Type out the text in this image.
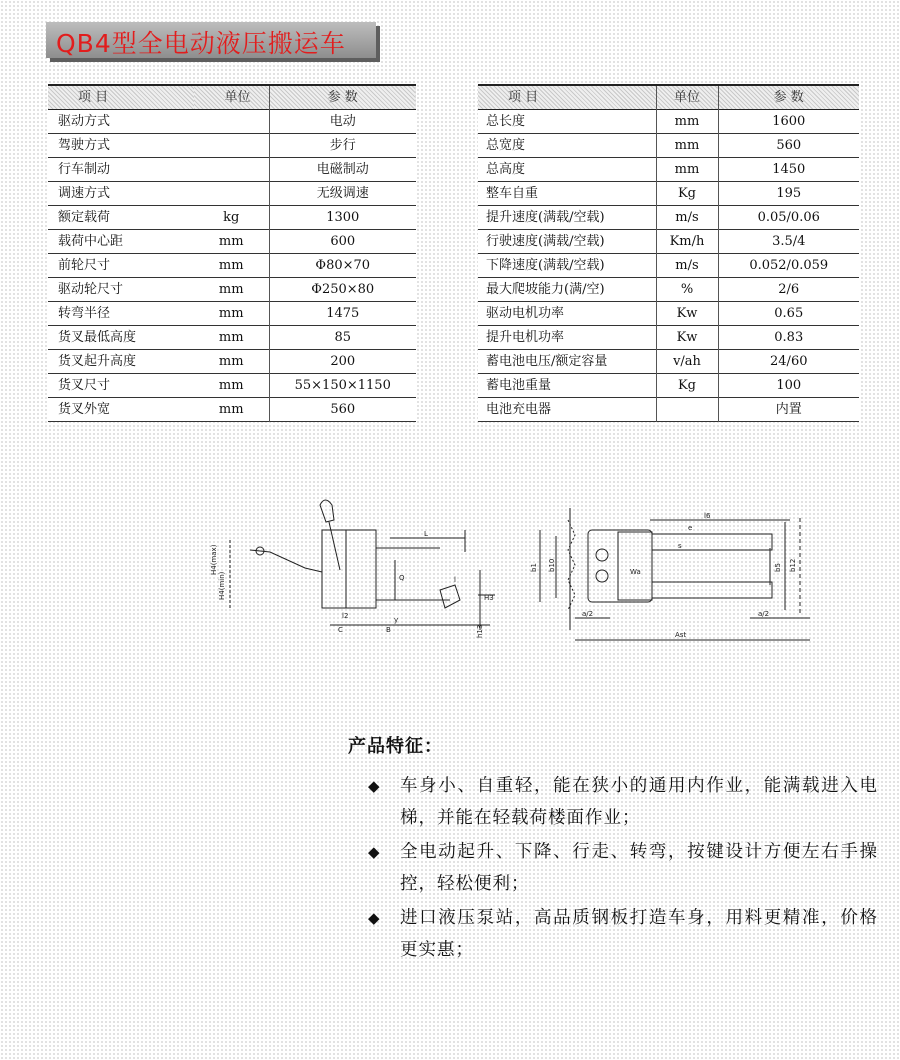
QB4型全电动液压搬运车
项 目	单位	参 数
驱动方式		电动
驾驶方式		步行
行车制动		电磁制动
调速方式		无级调速
额定载荷	kg	1300
载荷中心距	mm	600
前轮尺寸	mm	Φ80×70
驱动轮尺寸	mm	Φ250×80
转弯半径	mm	1475
货叉最低高度	mm	85
货叉起升高度	mm	200
货叉尺寸	mm	55×150×1150
货叉外宽	mm	560
项 目	单位	参 数
总长度	mm	1600
总宽度	mm	560
总高度	mm	1450
整车自重	Kg	195
提升速度(满载/空载)	m/s	0.05/0.06
行驶速度(满载/空载)	Km/h	3.5/4
下降速度(满载/空载)	m/s	0.052/0.059
最大爬坡能力(满/空)	%	2/6
驱动电机功率	Kw	0.65
提升电机功率	Kw	0.83
蓄电池电压/额定容量	v/ah	24/60
蓄电池重量	Kg	100
电池充电器		内置
H4(max)
H4(min)
L
Q
H3
h13
l2
C	B
y
l
b1 b10	b5 b12
Wa
Ast
a/2	a/2
s
e
l6
产品特征：
◆ 车身小、自重轻，能在狭小的通用内作业，能满载进入电梯，并能在轻载荷楼面作业；
◆ 全电动起升、下降、行走、转弯，按键设计方便左右手操控，轻松便利；
◆ 进口液压泵站，高品质钢板打造车身，用料更精准，价格更实惠；
